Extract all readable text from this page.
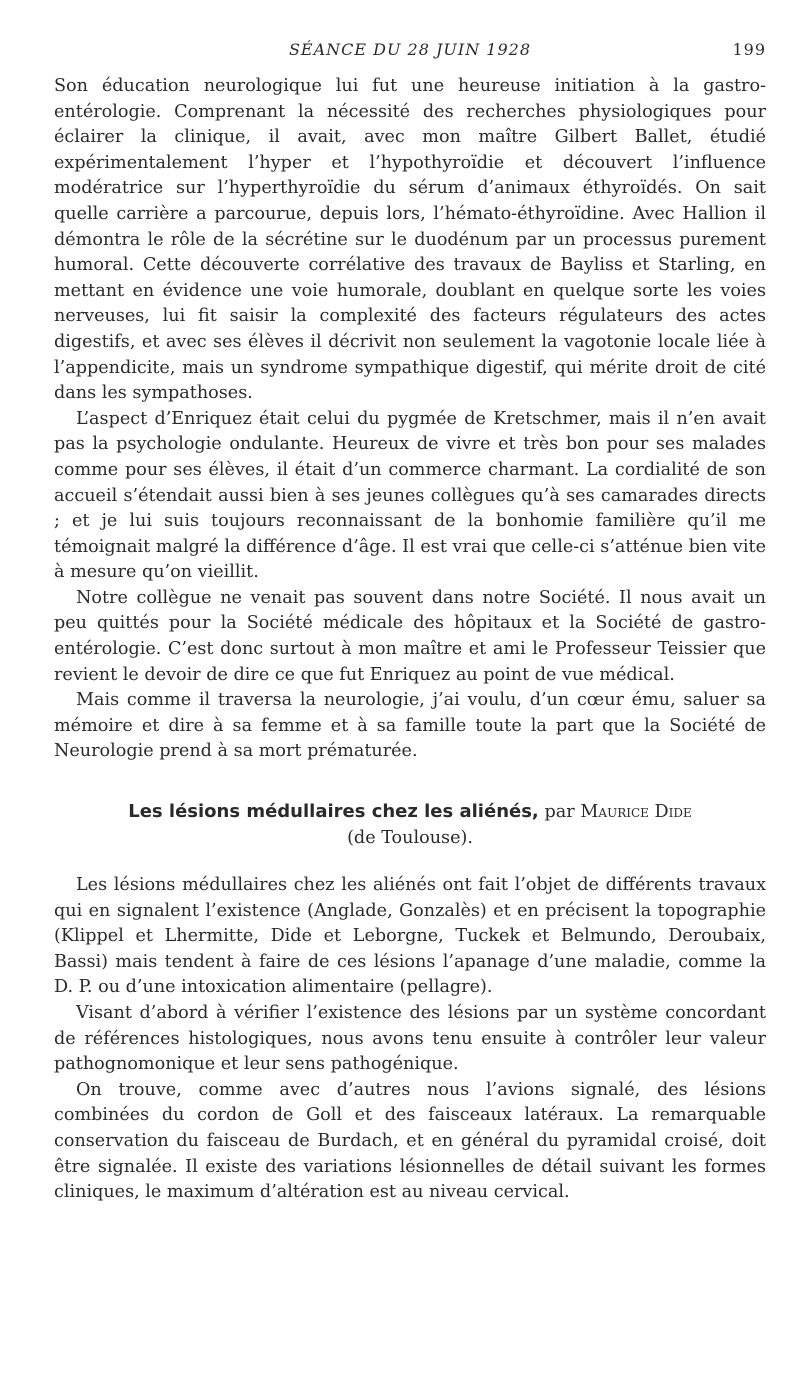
SÉANCE DU 28 JUIN 1928	199

Son éducation neurologique lui fut une heureuse initiation à la gastro-entérologie. Comprenant la nécessité des recherches physiologiques pour éclairer la clinique, il avait, avec mon maître Gilbert Ballet, étudié expérimentalement l’hyper et l’hypothyroïdie et découvert l’influence modératrice sur l’hyperthyroïdie du sérum d’animaux éthyroïdés. On sait quelle carrière a parcourue, depuis lors, l’hémato-éthyroïdine. Avec Hallion il démontra le rôle de la sécrétine sur le duodénum par un processus purement humoral. Cette découverte corrélative des travaux de Bayliss et Starling, en mettant en évidence une voie humorale, doublant en quelque sorte les voies nerveuses, lui fit saisir la complexité des facteurs régulateurs des actes digestifs, et avec ses élèves il décrivit non seulement la vagotonie locale liée à l’appendicite, mais un syndrome sympathique digestif, qui mérite droit de cité dans les sympathoses.

L’aspect d’Enriquez était celui du pygmée de Kretschmer, mais il n’en avait pas la psychologie ondulante. Heureux de vivre et très bon pour ses malades comme pour ses élèves, il était d’un commerce charmant. La cordialité de son accueil s’étendait aussi bien à ses jeunes collègues qu’à ses camarades directs ; et je lui suis toujours reconnaissant de la bonhomie familière qu’il me témoignait malgré la différence d’âge. Il est vrai que celle-ci s’atténue bien vite à mesure qu’on vieillit.

Notre collègue ne venait pas souvent dans notre Société. Il nous avait un peu quittés pour la Société médicale des hôpitaux et la Société de gastro-entérologie. C’est donc surtout à mon maître et ami le Professeur Teissier que revient le devoir de dire ce que fut Enriquez au point de vue médical.

Mais comme il traversa la neurologie, j’ai voulu, d’un cœur ému, saluer sa mémoire et dire à sa femme et à sa famille toute la part que la Société de Neurologie prend à sa mort prématurée.

Les lésions médullaires chez les aliénés, par Maurice Dide
(de Toulouse).

Les lésions médullaires chez les aliénés ont fait l’objet de différents travaux qui en signalent l’existence (Anglade, Gonzalès) et en précisent la topographie (Klippel et Lhermitte, Dide et Leborgne, Tuckek et Belmundo, Deroubaix, Bassi) mais tendent à faire de ces lésions l’apanage d’une maladie, comme la D. P. ou d’une intoxication alimentaire (pellagre).

Visant d’abord à vérifier l’existence des lésions par un système concordant de références histologiques, nous avons tenu ensuite à contrôler leur valeur pathognomonique et leur sens pathogénique.

On trouve, comme avec d’autres nous l’avions signalé, des lésions combinées du cordon de Goll et des faisceaux latéraux. La remarquable conservation du faisceau de Burdach, et en général du pyramidal croisé, doit être signalée. Il existe des variations lésionnelles de détail suivant les formes cliniques, le maximum d’altération est au niveau cervical.
